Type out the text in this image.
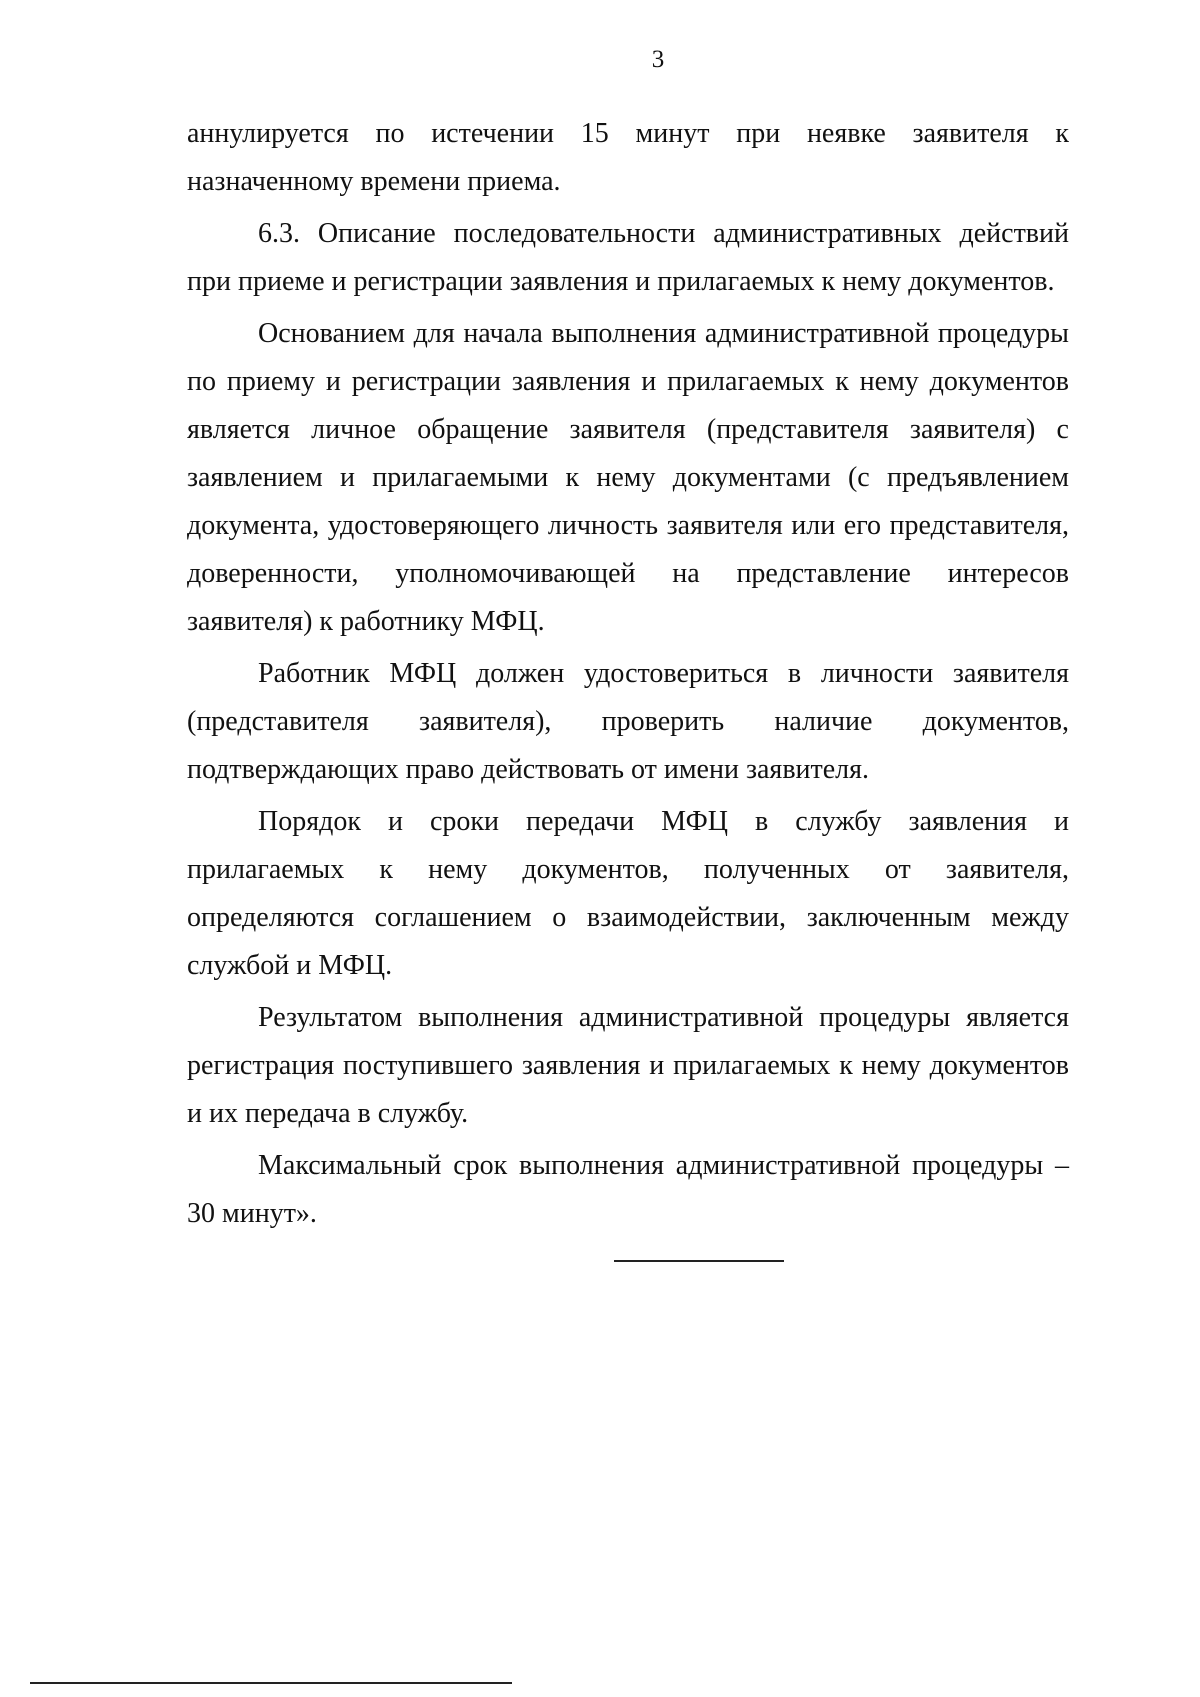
3

аннулируется по истечении 15 минут при неявке заявителя к назначенному времени приема.

6.3. Описание последовательности административных действий при приеме и регистрации заявления и прилагаемых к нему документов.

Основанием для начала выполнения административной процедуры по приему и регистрации заявления и прилагаемых к нему документов является личное обращение заявителя (представителя заявителя) с заявлением и прилагаемыми к нему документами (с предъявлением документа, удостоверяющего личность заявителя или его представителя, доверенности, уполномочивающей на представление интересов заявителя) к работнику МФЦ.

Работник МФЦ должен удостовериться в личности заявителя (представителя заявителя), проверить наличие документов, подтверждающих право действовать от имени заявителя.

Порядок и сроки передачи МФЦ в службу заявления и прилагаемых к нему документов, полученных от заявителя, определяются соглашением о взаимодействии, заключенным между службой и МФЦ.

Результатом выполнения административной процедуры является регистрация поступившего заявления и прилагаемых к нему документов и их передача в службу.

Максимальный срок выполнения административной процедуры – 30 минут».
